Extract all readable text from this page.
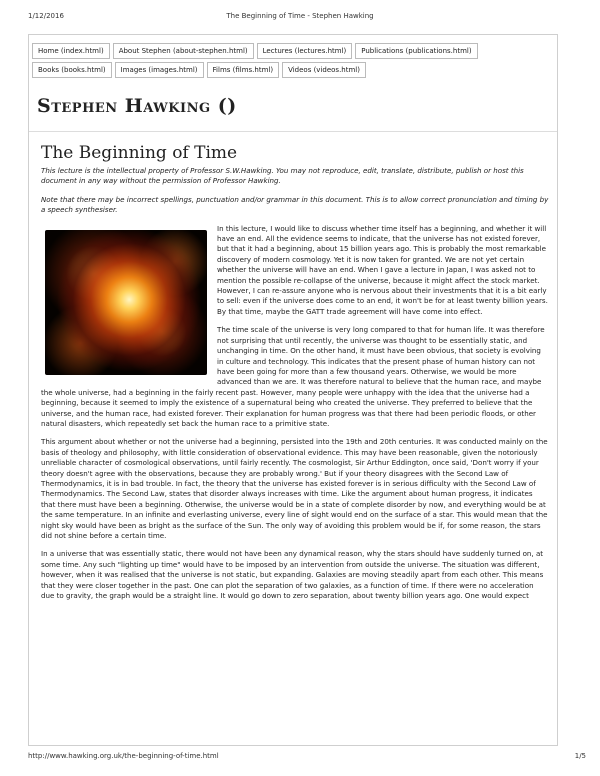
1/12/2016	The Beginning of Time - Stephen Hawking
Home (index.html)	About Stephen (about-stephen.html)	Lectures (lectures.html)	Publications (publications.html)
Books (books.html)	Images (images.html)	Films (films.html)	Videos (videos.html)
Stephen Hawking ()
The Beginning of Time

This lecture is the intellectual property of Professor S.W.Hawking. You may not reproduce, edit, translate, distribute, publish or host this document in any way without the permission of Professor Hawking.

Note that there may be incorrect spellings, punctuation and/or grammar in this document. This is to allow correct pronunciation and timing by a speech synthesiser.

In this lecture, I would like to discuss whether time itself has a beginning, and whether it will have an end. All the evidence seems to indicate, that the universe has not existed forever, but that it had a beginning, about 15 billion years ago. This is probably the most remarkable discovery of modern cosmology. Yet it is now taken for granted. We are not yet certain whether the universe will have an end. When I gave a lecture in Japan, I was asked not to mention the possible re-collapse of the universe, because it might affect the stock market. However, I can re-assure anyone who is nervous about their investments that it is a bit early to sell: even if the universe does come to an end, it won't be for at least twenty billion years. By that time, maybe the GATT trade agreement will have come into effect.

The time scale of the universe is very long compared to that for human life. It was therefore not surprising that until recently, the universe was thought to be essentially static, and unchanging in time. On the other hand, it must have been obvious, that society is evolving in culture and technology. This indicates that the present phase of human history can not have been going for more than a few thousand years. Otherwise, we would be more advanced than we are. It was therefore natural to believe that the human race, and maybe the whole universe, had a beginning in the fairly recent past. However, many people were unhappy with the idea that the universe had a beginning, because it seemed to imply the existence of a supernatural being who created the universe. They preferred to believe that the universe, and the human race, had existed forever. Their explanation for human progress was that there had been periodic floods, or other natural disasters, which repeatedly set back the human race to a primitive state.

This argument about whether or not the universe had a beginning, persisted into the 19th and 20th centuries. It was conducted mainly on the basis of theology and philosophy, with little consideration of observational evidence. This may have been reasonable, given the notoriously unreliable character of cosmological observations, until fairly recently. The cosmologist, Sir Arthur Eddington, once said, 'Don't worry if your theory doesn't agree with the observations, because they are probably wrong.' But if your theory disagrees with the Second Law of Thermodynamics, it is in bad trouble. In fact, the theory that the universe has existed forever is in serious difficulty with the Second Law of Thermodynamics. The Second Law, states that disorder always increases with time. Like the argument about human progress, it indicates that there must have been a beginning. Otherwise, the universe would be in a state of complete disorder by now, and everything would be at the same temperature. In an infinite and everlasting universe, every line of sight would end on the surface of a star. This would mean that the night sky would have been as bright as the surface of the Sun. The only way of avoiding this problem would be if, for some reason, the stars did not shine before a certain time.

In a universe that was essentially static, there would not have been any dynamical reason, why the stars should have suddenly turned on, at some time. Any such "lighting up time" would have to be imposed by an intervention from outside the universe. The situation was different, however, when it was realised that the universe is not static, but expanding. Galaxies are moving steadily apart from each other. This means that they were closer together in the past. One can plot the separation of two galaxies, as a function of time. If there were no acceleration due to gravity, the graph would be a straight line. It would go down to zero separation, about twenty billion years ago. One would expect

http://www.hawking.org.uk/the-beginning-of-time.html	1/5
